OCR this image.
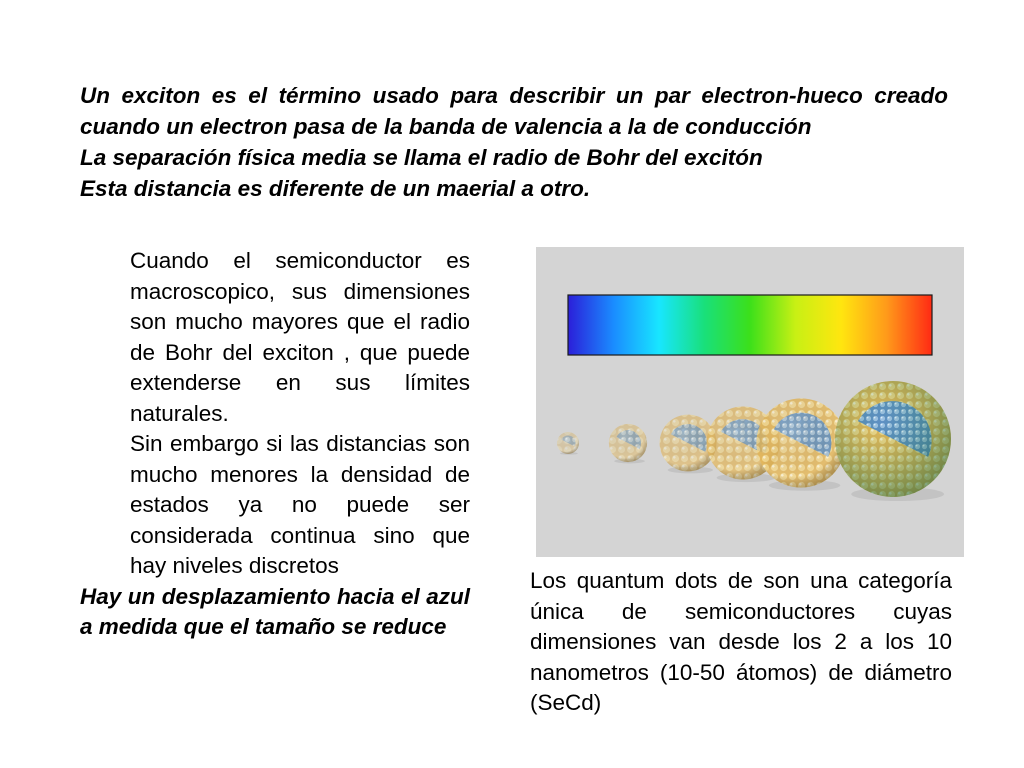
Un exciton es el término usado para describir un par electron-hueco creado cuando un electron pasa de la banda de valencia a la de conducción

La separación física media se llama el radio de Bohr del excitón

Esta distancia es diferente de un maerial a otro.

Cuando el semiconductor es macroscopico, sus dimensiones son mucho mayores que el radio de Bohr del exciton , que puede extenderse en sus límites naturales.

Sin embargo si las distancias son mucho menores la densidad de estados ya no puede ser considerada continua sino que hay niveles discretos

Hay un desplazamiento hacia el azul a medida que el tamaño se reduce

Los quantum dots de son una categoría única de semiconductores cuyas dimensiones van desde los 2 a los 10 nanometros (10-50 átomos) de diámetro (SeCd)
